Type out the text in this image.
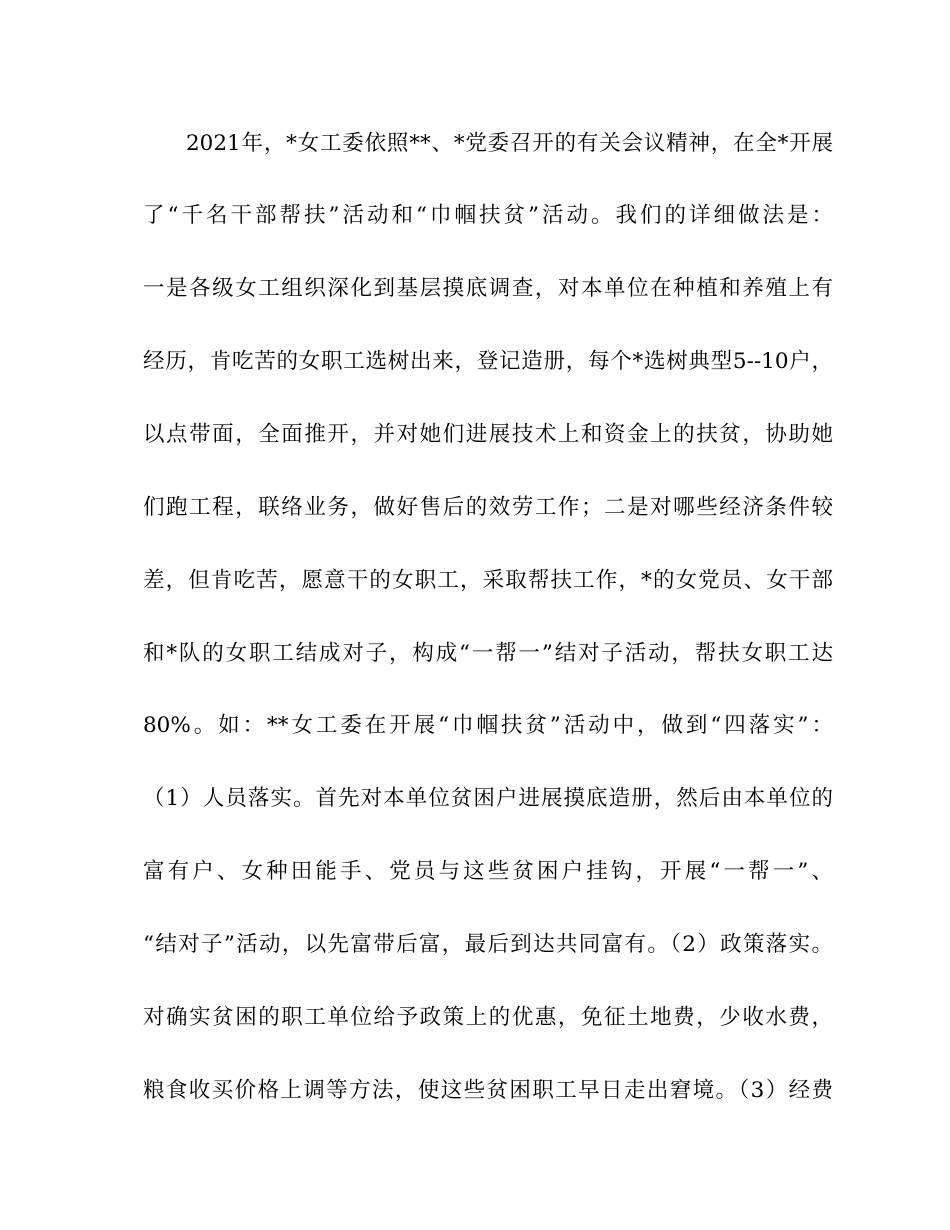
2021年，*女工委依照**、*党委召开的有关会议精神，在全*开展
了“千名干部帮扶”活动和“巾帼扶贫”活动。我们的详细做法是：
一是各级女工组织深化到基层摸底调查，对本单位在种植和养殖上有
经历，肯吃苦的女职工选树出来，登记造册，每个*选树典型5--10户，
以点带面，全面推开，并对她们进展技术上和资金上的扶贫，协助她
们跑工程，联络业务，做好售后的效劳工作；二是对哪些经济条件较
差，但肯吃苦，愿意干的女职工，采取帮扶工作，*的女党员、女干部
和*队的女职工结成对子，构成“一帮一”结对子活动，帮扶女职工达
80%。如：**女工委在开展“巾帼扶贫”活动中，做到“四落实”：
（1）人员落实。首先对本单位贫困户进展摸底造册，然后由本单位的
富有户、女种田能手、党员与这些贫困户挂钩，开展“一帮一”、
“结对子”活动，以先富带后富，最后到达共同富有。（2）政策落实。
对确实贫困的职工单位给予政策上的优惠，免征土地费，少收水费，
粮食收买价格上调等方法，使这些贫困职工早日走出窘境。（3）经费
